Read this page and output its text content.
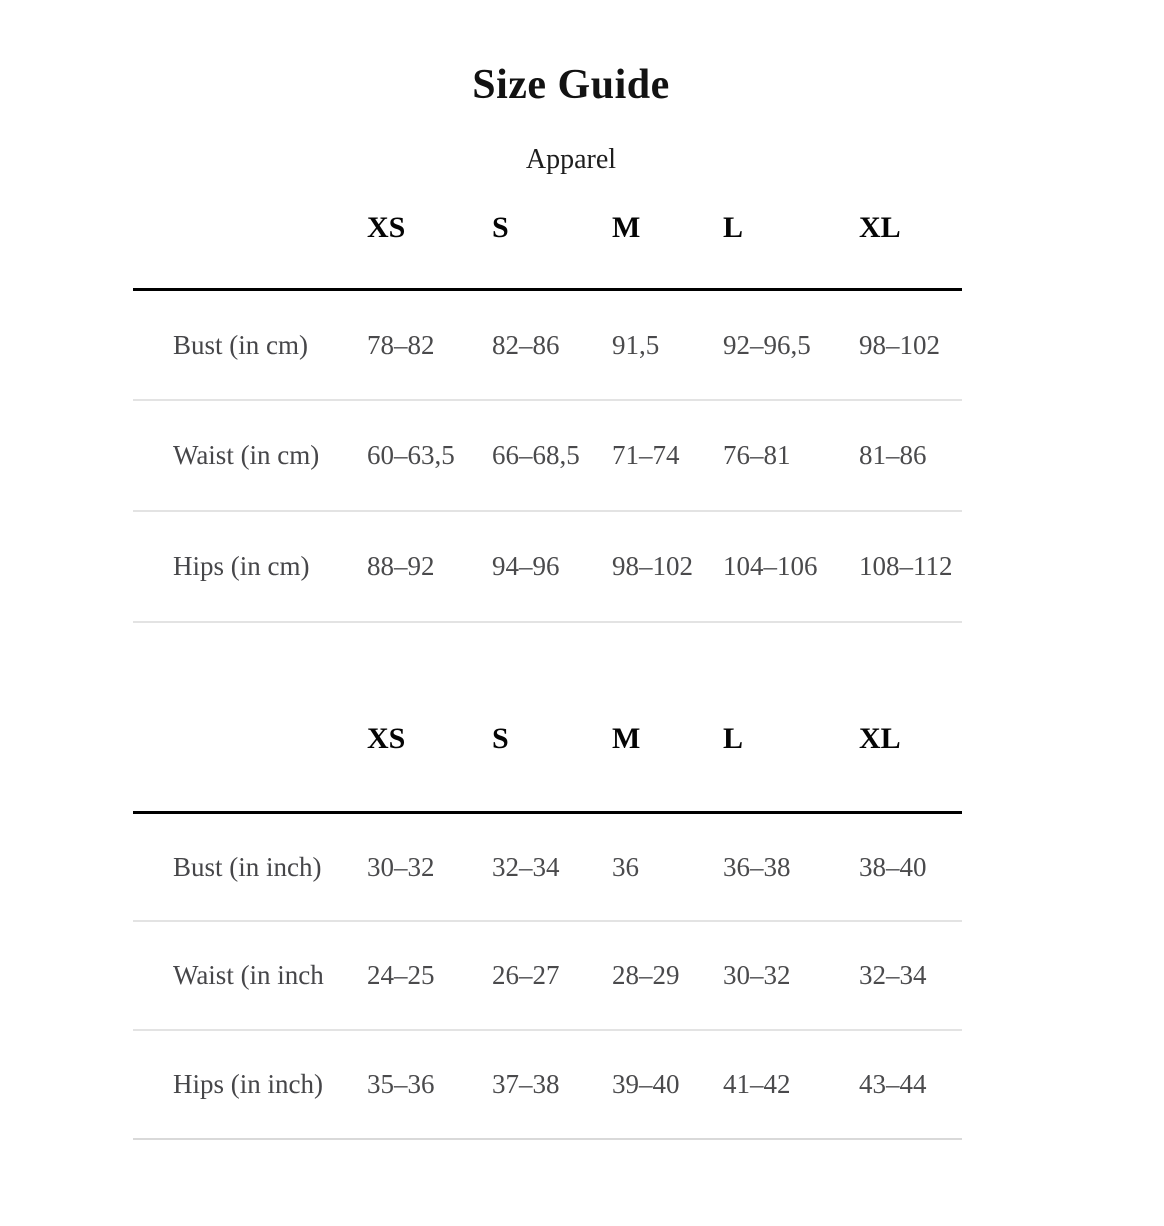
Size Guide
Apparel
	XS	S	M	L	XL
Bust (in cm)	78–82	82–86	91,5	92–96,5	98–102
Waist (in cm)	60–63,5	66–68,5	71–74	76–81	81–86
Hips (in cm)	88–92	94–96	98–102	104–106	108–112
	XS	S	M	L	XL
Bust (in inch)	30–32	32–34	36	36–38	38–40
Waist (in inch	24–25	26–27	28–29	30–32	32–34
Hips (in inch)	35–36	37–38	39–40	41–42	43–44
